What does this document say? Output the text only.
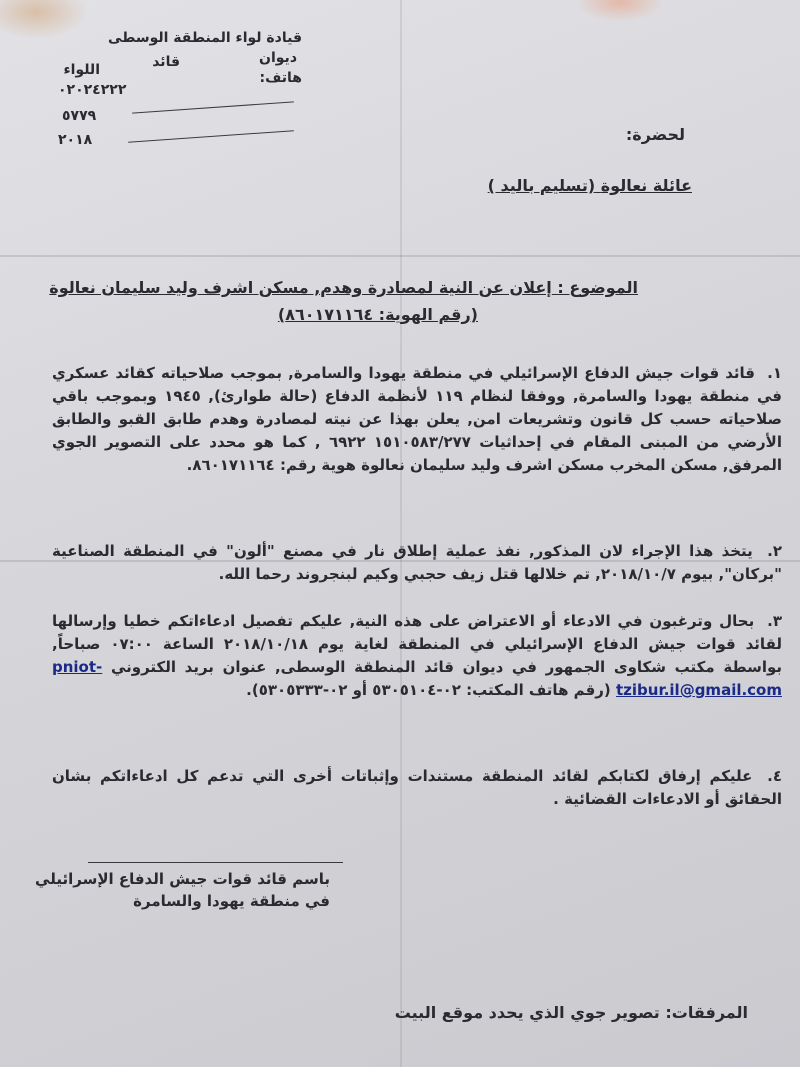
قيادة لواء المنطقة الوسطى
ديوان
قائد
اللواء	هاتف:
٠٢٠٢٤٢٢٢
٥٧٧٩
٢٠١٨	لحضرة:
عائلة نعالوة (تسليم باليد )
الموضوع : إعلان عن النية لمصادرة وهدم, مسكن اشرف وليد سليمان نعالوة
(رقم الهوية: ٨٦٠١٧١١٦٤)
١. قائد قوات جيش الدفاع الإسرائيلي في منطقة يهودا والسامرة, بموجب صلاحياته كقائد عسكري في منطقة يهودا والسامرة, ووفقا لنظام ١١٩ لأنظمة الدفاع (حالة طوارئ), ١٩٤٥ وبموجب باقي صلاحياته حسب كل قانون وتشريعات امن, يعلن بهذا عن نيته لمصادرة وهدم طابق القبو والطابق الأرضي من المبنى المقام في إحداثيات ١٥١٠٥٨٣/٢٧٧ ٦٩٢٢ , كما هو محدد على التصوير الجوي المرفق, مسكن المخرب مسكن اشرف وليد سليمان نعالوة هوية رقم: ٨٦٠١٧١١٦٤.
٢. يتخذ هذا الإجراء لان المذكور, نفذ عملية إطلاق نار في مصنع "ألون" في المنطقة الصناعية "بركان", بيوم ٢٠١٨/١٠/٧, تم خلالها قتل زيف حجبي وكيم لبنجروند رحما الله.
٣. بحال وترغبون في الادعاء أو الاعتراض على هذه النية, عليكم تفصيل ادعاءاتكم خطيا وإرسالها لقائد قوات جيش الدفاع الإسرائيلي في المنطقة لغاية يوم ٢٠١٨/١٠/١٨ الساعة ٠٧:٠٠ صباحاً, بواسطة مكتب شكاوى الجمهور في ديوان قائد المنطقة الوسطى, عنوان بريد الكتروني pniot-tzibur.il@gmail.com (رقم هاتف المكتب: ٠٢-٥٣٠٥١٠٤ أو ٠٢-٥٣٠٥٣٣٣).
٤. عليكم إرفاق لكتابكم لقائد المنطقة مستندات وإثباتات أخرى التي تدعم كل ادعاءاتكم بشان الحقائق أو الادعاءات القضائية .
باسم قائد قوات جيش الدفاع الإسرائيلي
في منطقة يهودا والسامرة
المرفقات: تصوير جوي الذي يحدد موقع البيت
